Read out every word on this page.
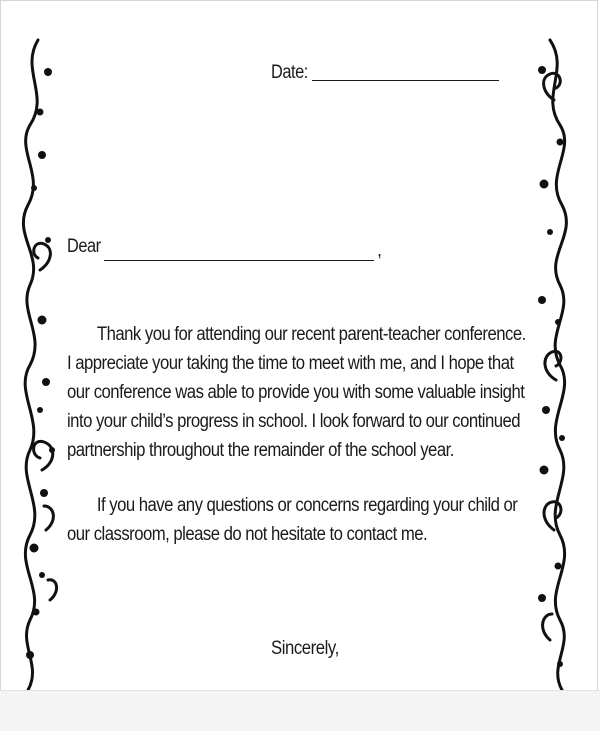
Date:
Dear	,
Thank you for attending our recent parent-teacher conference.
I appreciate your taking the time to meet with me, and I hope that
our conference was able to provide you with some valuable insight
into your child’s progress in school. I look forward to our continued
partnership throughout the remainder of the school year.
If you have any questions or concerns regarding your child or
our classroom, please do not hesitate to contact me.
Sincerely,
